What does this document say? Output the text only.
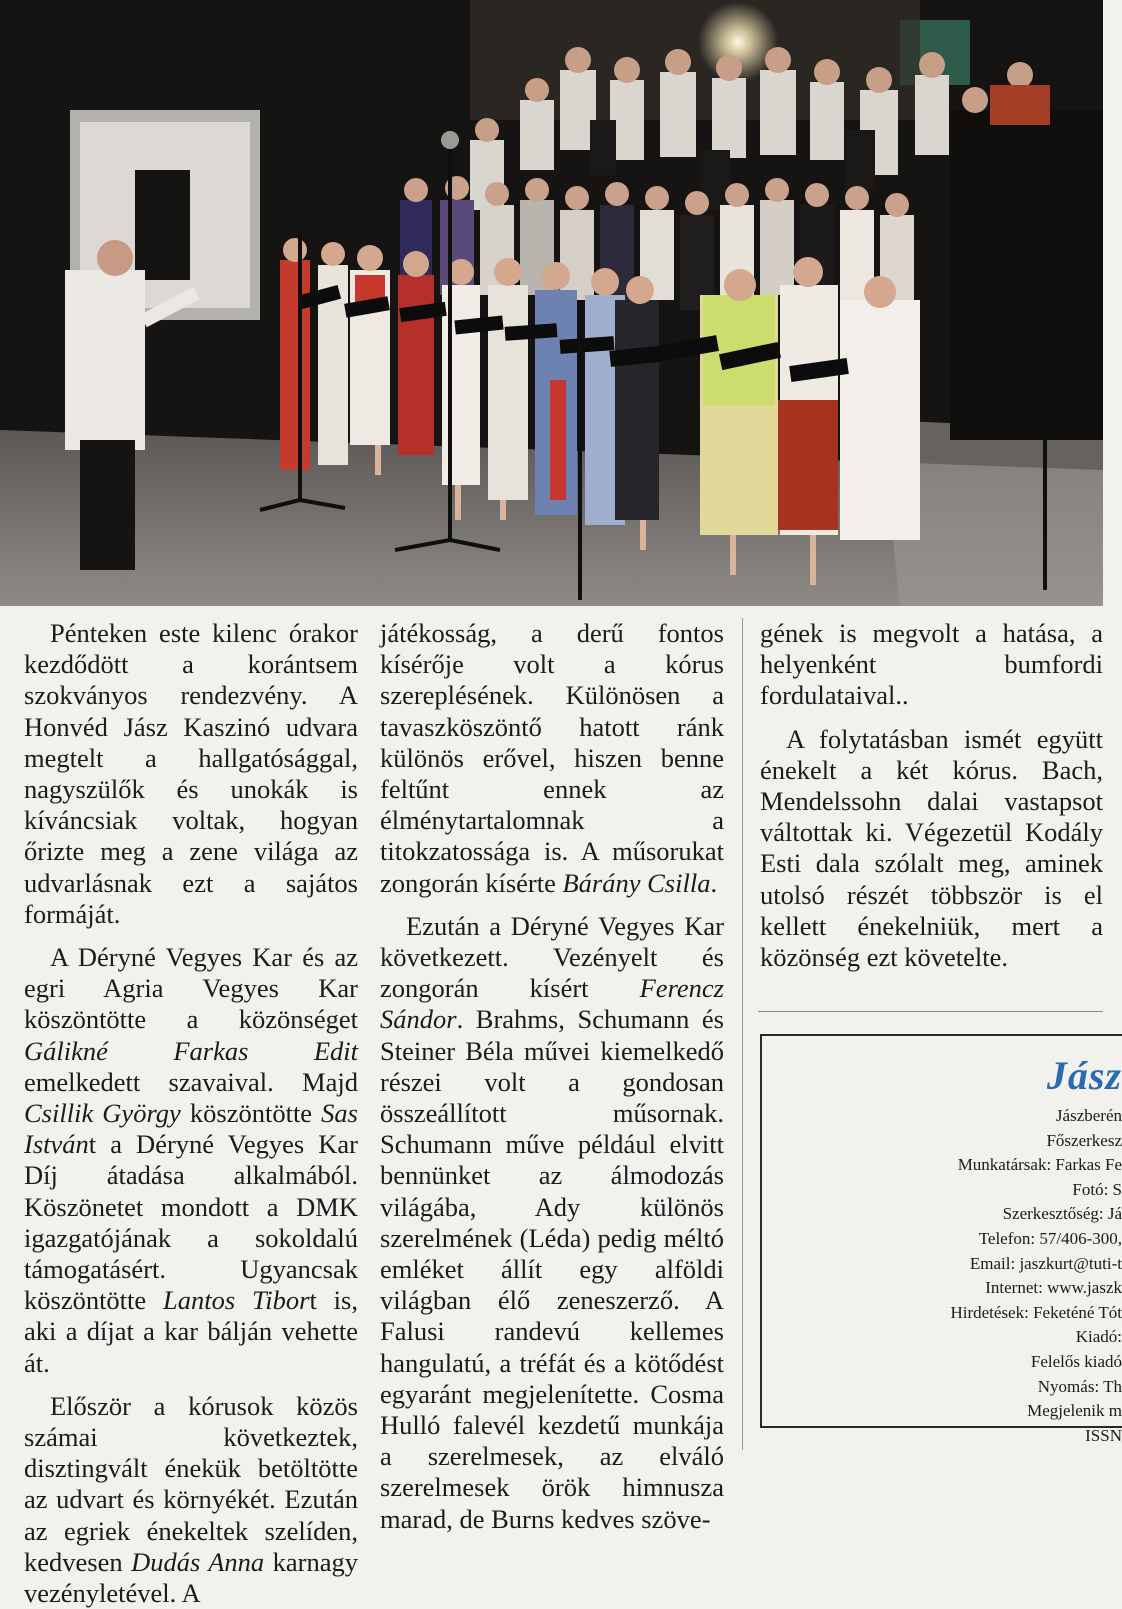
Pénteken este kilenc órakor kezdődött a korántsem szokványos rendezvény. A Honvéd Jász Kaszinó udvara megtelt a hallgatósággal, nagyszülők és unokák is kíváncsiak voltak, hogyan őrizte meg a zene világa az udvarlásnak ezt a sajátos formáját.

A Déryné Vegyes Kar és az egri Agria Vegyes Kar köszöntötte a közönséget Gálikné Farkas Edit emelkedett szavaival. Majd Csillik György köszöntötte Sas Istvánt a Déryné Vegyes Kar Díj átadása alkalmából. Köszönetet mondott a DMK igazgatójának a sokoldalú támogatásért. Ugyancsak köszöntötte Lantos Tibort is, aki a díjat a kar bálján vehette át.

Először a kórusok közös számai következtek, disztingvált énekük betöltötte az udvart és környékét. Ezután az egriek énekeltek szelíden, kedvesen Dudás Anna karnagy vezényletével. A

játékosság, a derű fontos kísérője volt a kórus szereplésének. Különösen a tavaszköszöntő hatott ránk különös erővel, hiszen benne feltűnt ennek az élménytartalomnak a titokzatossága is. A műsorukat zongorán kísérte Bárány Csilla.

Ezután a Déryné Vegyes Kar következett. Vezényelt és zongorán kísért Ferencz Sándor. Brahms, Schumann és Steiner Béla művei kiemelkedő részei volt a gondosan összeállított műsornak. Schumann műve például elvitt bennünket az álmodozás világába, Ady különös szerelmének (Léda) pedig méltó emléket állít egy alföldi világban élő zeneszerző. A Falusi randevú kellemes hangulatú, a tréfát és a kötődést egyaránt megjelenítette. Cosma Hulló falevél kezdetű munkája a szerelmesek, az elváló szerelmesek örök himnusza marad, de Burns kedves szöve-

gének is megvolt a hatása, a helyenként bumfordi fordulataival..

A folytatásban ismét együtt énekelt a két kórus. Bach, Mendelssohn dalai vastapsot váltottak ki. Végezetül Kodály Esti dala szólalt meg, aminek utolsó részét többször is el kellett énekelniük, mert a közönség ezt követelte.

Jász
Jászberén
Főszerkesz
Munkatársak: Farkas Fe
Fotó: S
Szerkesztőség: Já
Telefon: 57/406-300,
Email: jaszkurt@tuti-t
Internet: www.jaszk
Hirdetések: Feketéné Tót
Kiadó:
Felelős kiadó
Nyomás: Th
Megjelenik m
ISSN
